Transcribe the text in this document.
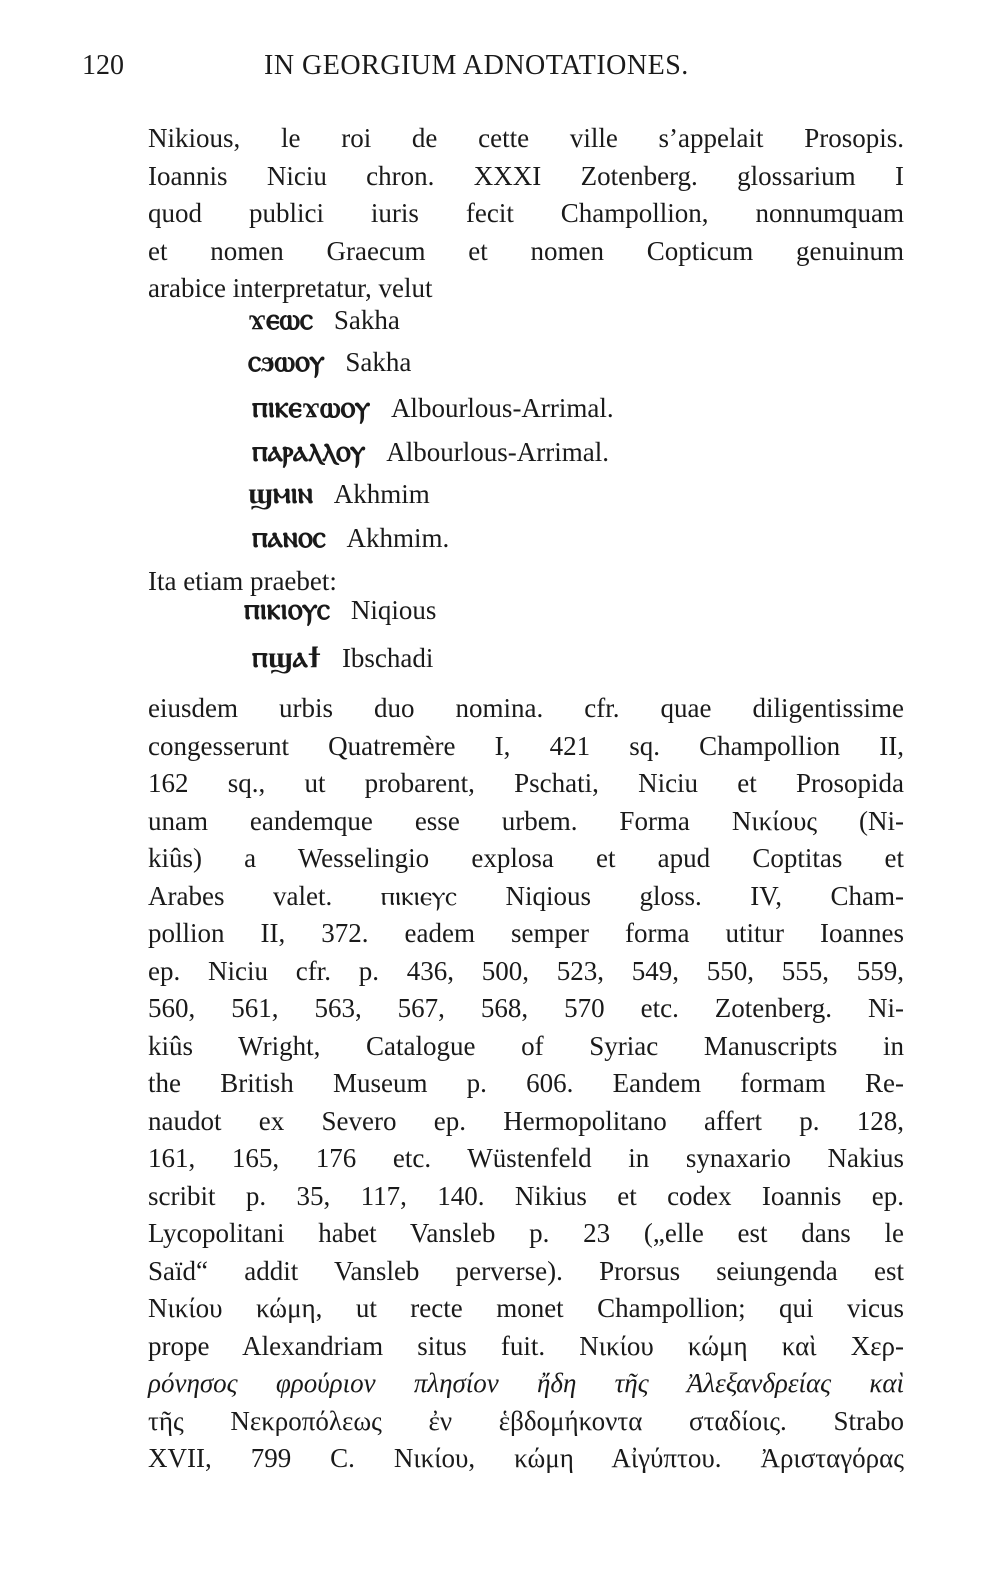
120	IN GEORGIUM ADNOTATIONES.

Nikious, le roi de cette ville s’appelait Prosopis.
Ioannis Niciu chron. XXXI Zotenberg. glossarium I
quod publici iuris fecit Champollion, nonnumquam
et nomen Graecum et nomen Copticum genuinum
arabice interpretatur, velut

ϫⲉⲱⲥ Sakha
ⲥϧⲱⲟⲩ Sakha
ⲡⲓⲕⲉϫⲱⲟⲩ Albourlous-Arrimal.
ⲡⲁⲣⲁⲗⲗⲟⲩ Albourlous-Arrimal.
ϣⲙⲓⲛ Akhmim
ⲡⲁⲛⲟⲥ Akhmim.
Ita etiam praebet:
ⲡⲓⲕⲓⲟⲩⲥ Niqious
ⲡϣⲁϯ Ibschadi

eiusdem urbis duo nomina. cfr. quae diligentissime
congesserunt Quatremère I, 421 sq. Champollion II,
162 sq., ut probarent, Pschati, Niciu et Prosopida
unam eandemque esse urbem. Forma Νικίους (Ni-
kiûs) a Wesselingio explosa et apud Coptitas et
Arabes valet. ⲡⲓⲕⲓⲉⲩⲥ Niqious gloss. IV, Cham-
pollion II, 372. eadem semper forma utitur Ioannes
ep. Niciu cfr. p. 436, 500, 523, 549, 550, 555, 559,
560, 561, 563, 567, 568, 570 etc. Zotenberg. Ni-
kiûs Wright, Catalogue of Syriac Manuscripts in
the British Museum p. 606. Eandem formam Re-
naudot ex Severo ep. Hermopolitano affert p. 128,
161, 165, 176 etc. Wüstenfeld in synaxario Nakius
scribit p. 35, 117, 140. Nikius et codex Ioannis ep.
Lycopolitani habet Vansleb p. 23 („elle est dans le
Saïd“ addit Vansleb perverse). Prorsus seiungenda est
Νικίου κώμη, ut recte monet Champollion; qui vicus
prope Alexandriam situs fuit. Νικίου κώμη καὶ Χερ-
ρόνησος φρούριον πλησίον ἤδη τῆς Ἀλεξανδρείας καὶ
τῆς Νεκροπόλεως ἐν ἑβδομήκοντα σταδίοις. Strabo
XVII, 799 C. Νικίου, κώμη Αἰγύπτου. Ἀρισταγόρας
